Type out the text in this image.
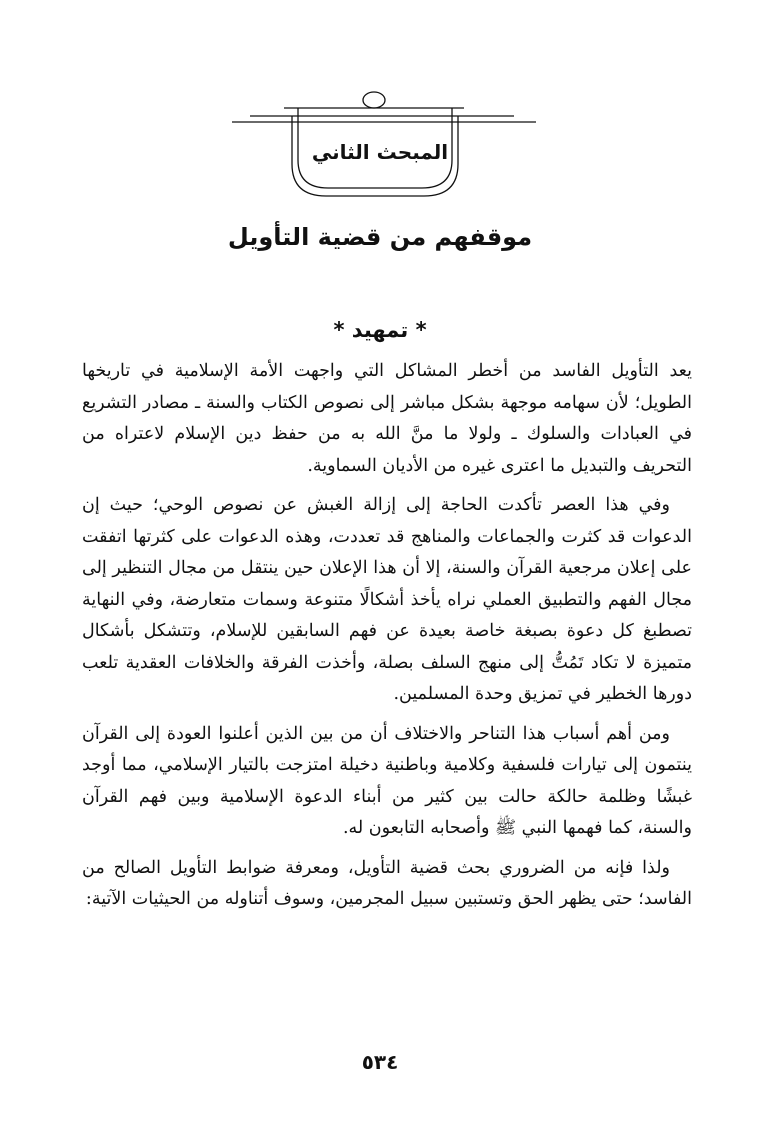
المبحث الثاني
موقفهم من قضية التأويل
* تمهيد *

يعد التأويل الفاسد من أخطر المشاكل التي واجهت الأمة الإسلامية في تاريخها الطويل؛ لأن سهامه موجهة بشكل مباشر إلى نصوص الكتاب والسنة ـ مصادر التشريع في العبادات والسلوك ـ ولولا ما منَّ الله به من حفظ دين الإسلام لاعتراه من التحريف والتبديل ما اعترى غيره من الأديان السماوية.

وفي هذا العصر تأكدت الحاجة إلى إزالة الغبش عن نصوص الوحي؛ حيث إن الدعوات قد كثرت والجماعات والمناهج قد تعددت، وهذه الدعوات على كثرتها اتفقت على إعلان مرجعية القرآن والسنة، إلا أن هذا الإعلان حين ينتقل من مجال التنظير إلى مجال الفهم والتطبيق العملي نراه يأخذ أشكالًا متنوعة وسمات متعارضة، وفي النهاية تصطبغ كل دعوة بصبغة خاصة بعيدة عن فهم السابقين للإسلام، وتتشكل بأشكال متميزة لا تكاد تَمُتُّ إلى منهج السلف بصلة، وأخذت الفرقة والخلافات العقدية تلعب دورها الخطير في تمزيق وحدة المسلمين.

ومن أهم أسباب هذا التناحر والاختلاف أن من بين الذين أعلنوا العودة إلى القرآن ينتمون إلى تيارات فلسفية وكلامية وباطنية دخيلة امتزجت بالتيار الإسلامي، مما أوجد غبشًا وظلمة حالكة حالت بين كثير من أبناء الدعوة الإسلامية وبين فهم القرآن والسنة، كما فهمها النبي ﷺ وأصحابه التابعون له.

ولذا فإنه من الضروري بحث قضية التأويل، ومعرفة ضوابط التأويل الصالح من الفاسد؛ حتى يظهر الحق وتستبين سبيل المجرمين، وسوف أتناوله من الحيثيات الآتية:

٥٣٤
